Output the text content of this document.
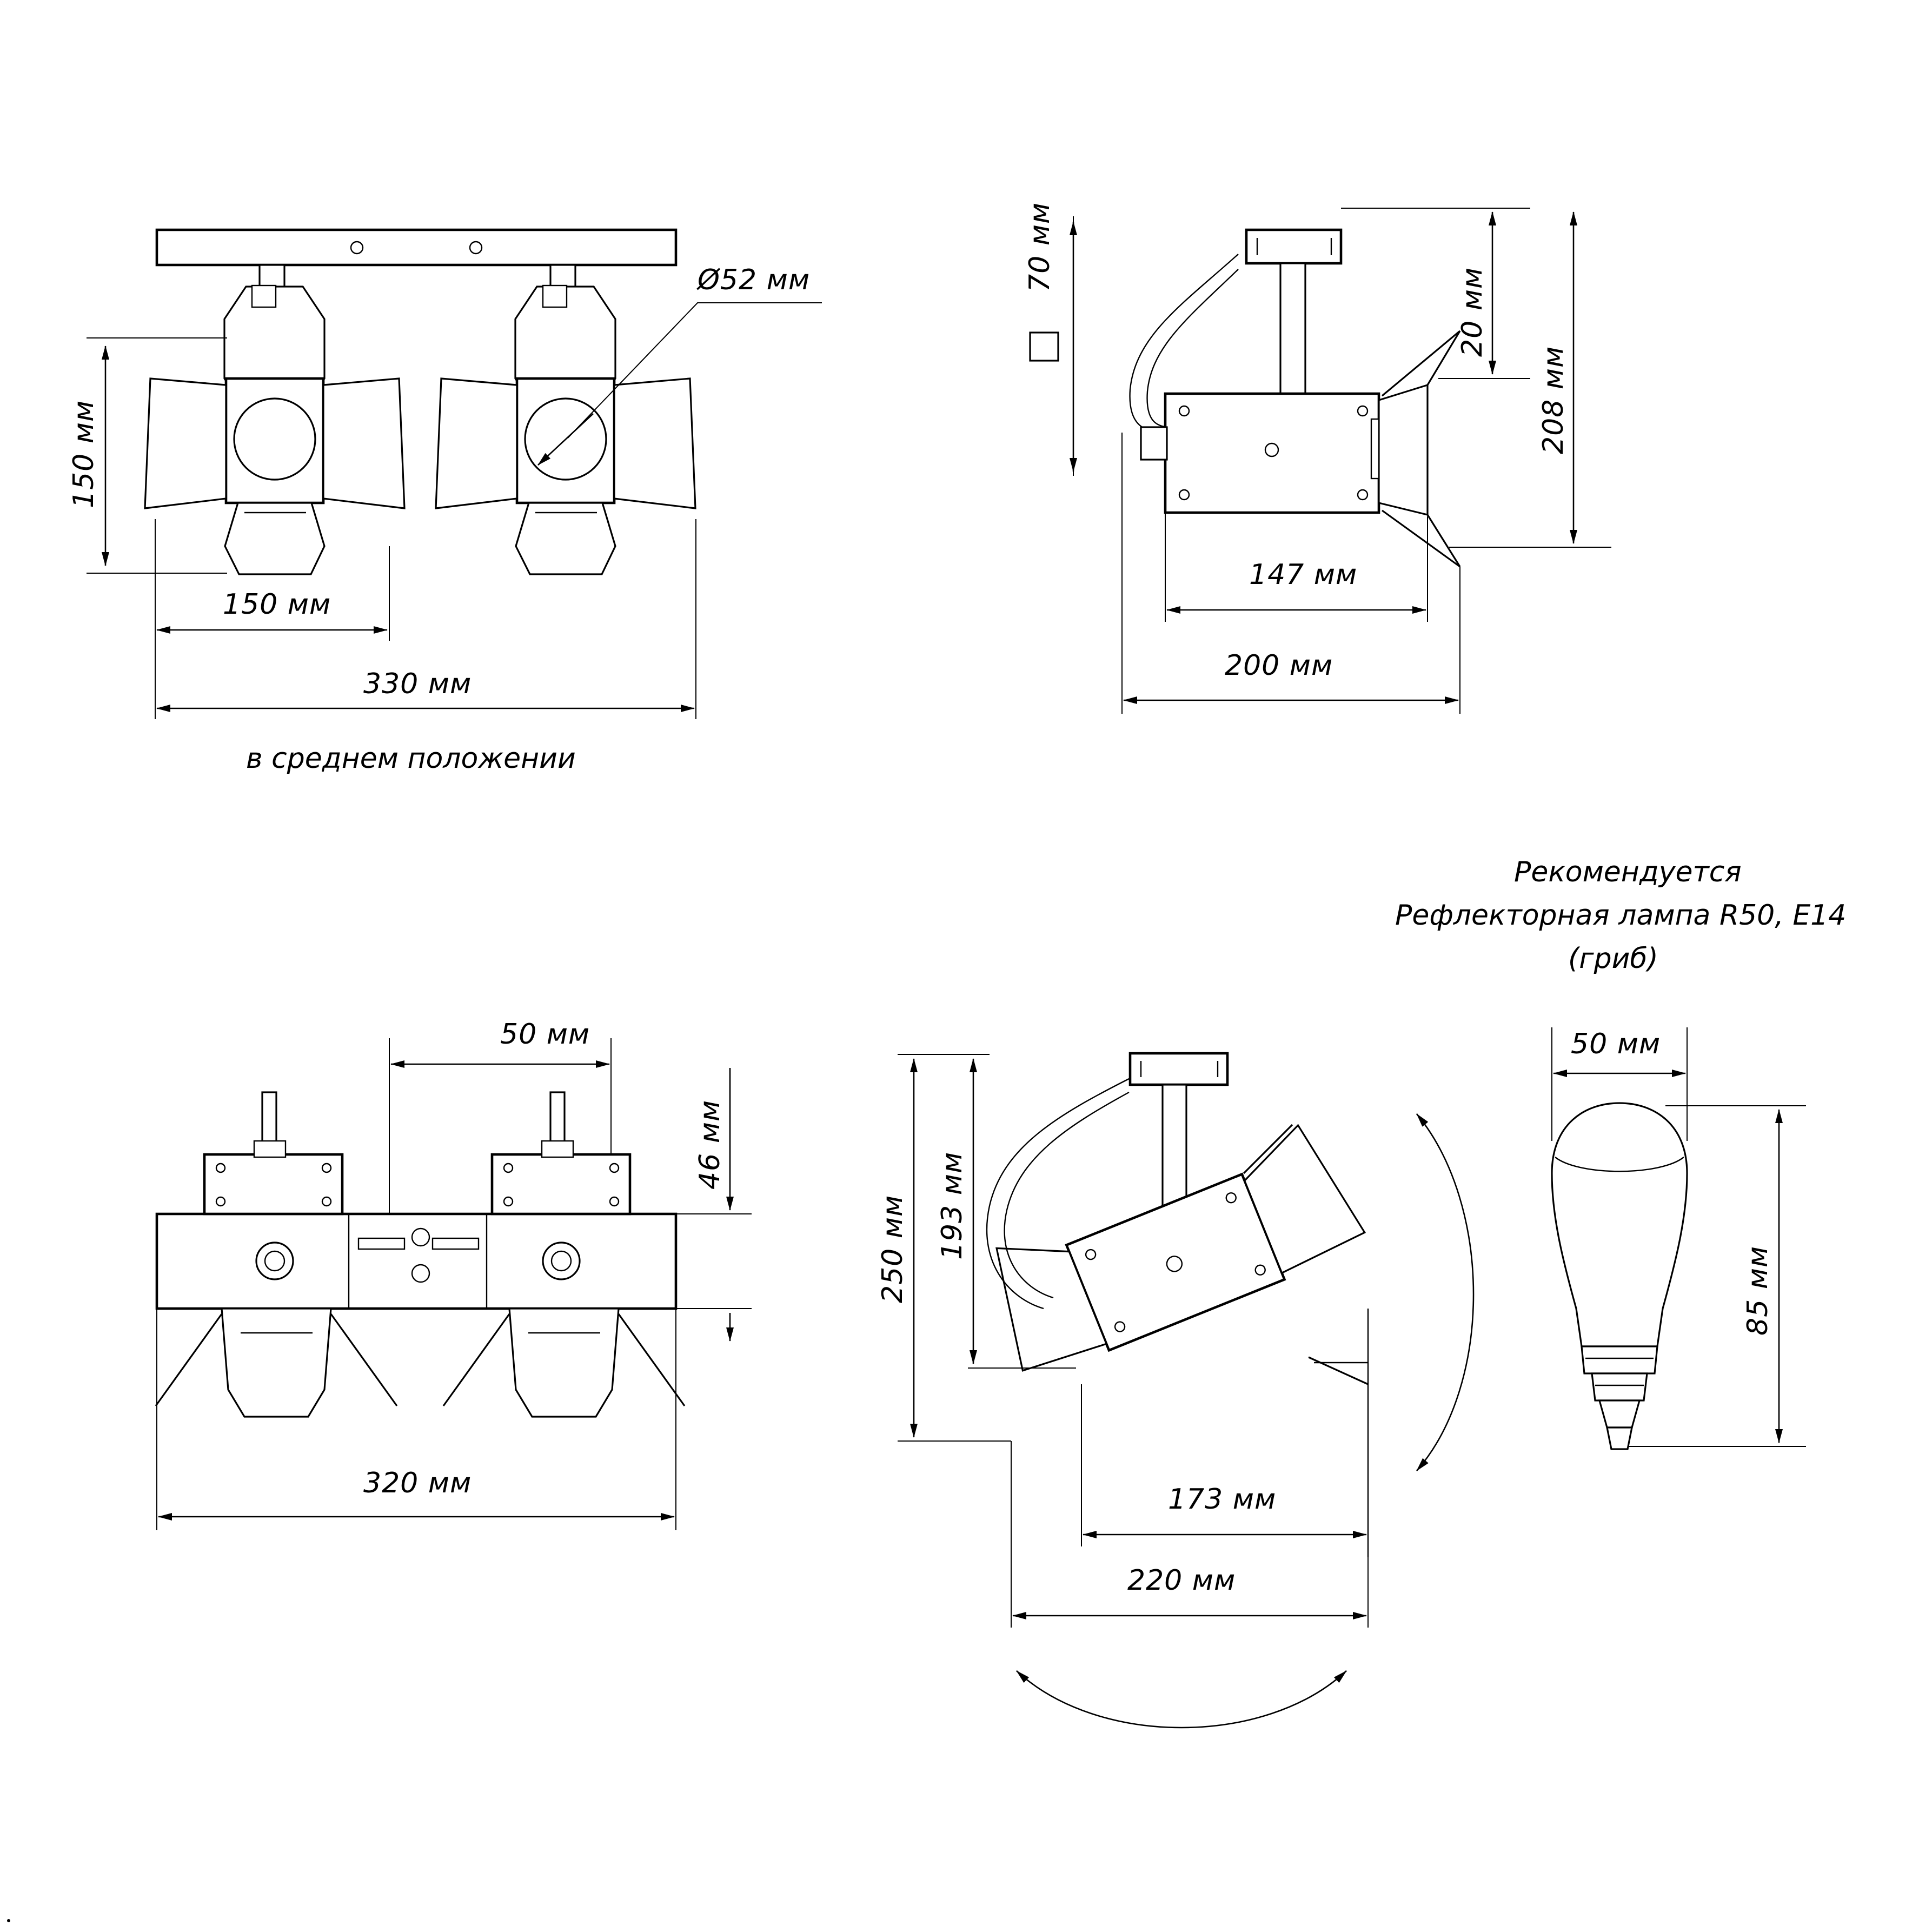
Ø52 мм
150 мм
150 мм
330 мм
в среднем положении
70 мм
20 мм
208 мм
147 мм
200 мм
50 мм
46 мм
320 мм
193 мм
250 мм
173 мм
220 мм
Рекомендуется
Рефлекторная лампа R50, E14
(гриб)
50 мм
85 мм
